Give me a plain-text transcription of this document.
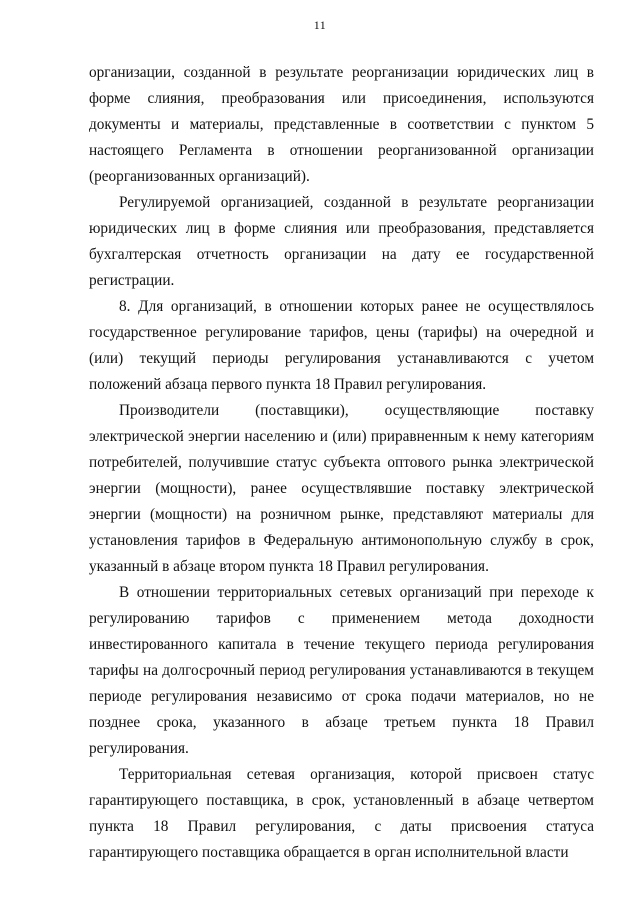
11

организации, созданной в результате реорганизации юридических лиц в форме слияния, преобразования или присоединения, используются документы и материалы, представленные в соответствии с пунктом 5 настоящего Регламента в отношении реорганизованной организации (реорганизованных организаций).

Регулируемой организацией, созданной в результате реорганизации юридических лиц в форме слияния или преобразования, представляется бухгалтерская отчетность организации на дату ее государственной регистрации.

8. Для организаций, в отношении которых ранее не осуществлялось государственное регулирование тарифов, цены (тарифы) на очередной и (или) текущий периоды регулирования устанавливаются с учетом положений абзаца первого пункта 18 Правил регулирования.

Производители (поставщики), осуществляющие поставку электрической энергии населению и (или) приравненным к нему категориям потребителей, получившие статус субъекта оптового рынка электрической энергии (мощности), ранее осуществлявшие поставку электрической энергии (мощности) на розничном рынке, представляют материалы для установления тарифов в Федеральную антимонопольную службу в срок, указанный в абзаце втором пункта 18 Правил регулирования.

В отношении территориальных сетевых организаций при переходе к регулированию тарифов с применением метода доходности инвестированного капитала в течение текущего периода регулирования тарифы на долгосрочный период регулирования устанавливаются в текущем периоде регулирования независимо от срока подачи материалов, но не позднее срока, указанного в абзаце третьем пункта 18 Правил регулирования.

Территориальная сетевая организация, которой присвоен статус гарантирующего поставщика, в срок, установленный в абзаце четвертом пункта 18 Правил регулирования, с даты присвоения статуса гарантирующего поставщика обращается в орган исполнительной власти
